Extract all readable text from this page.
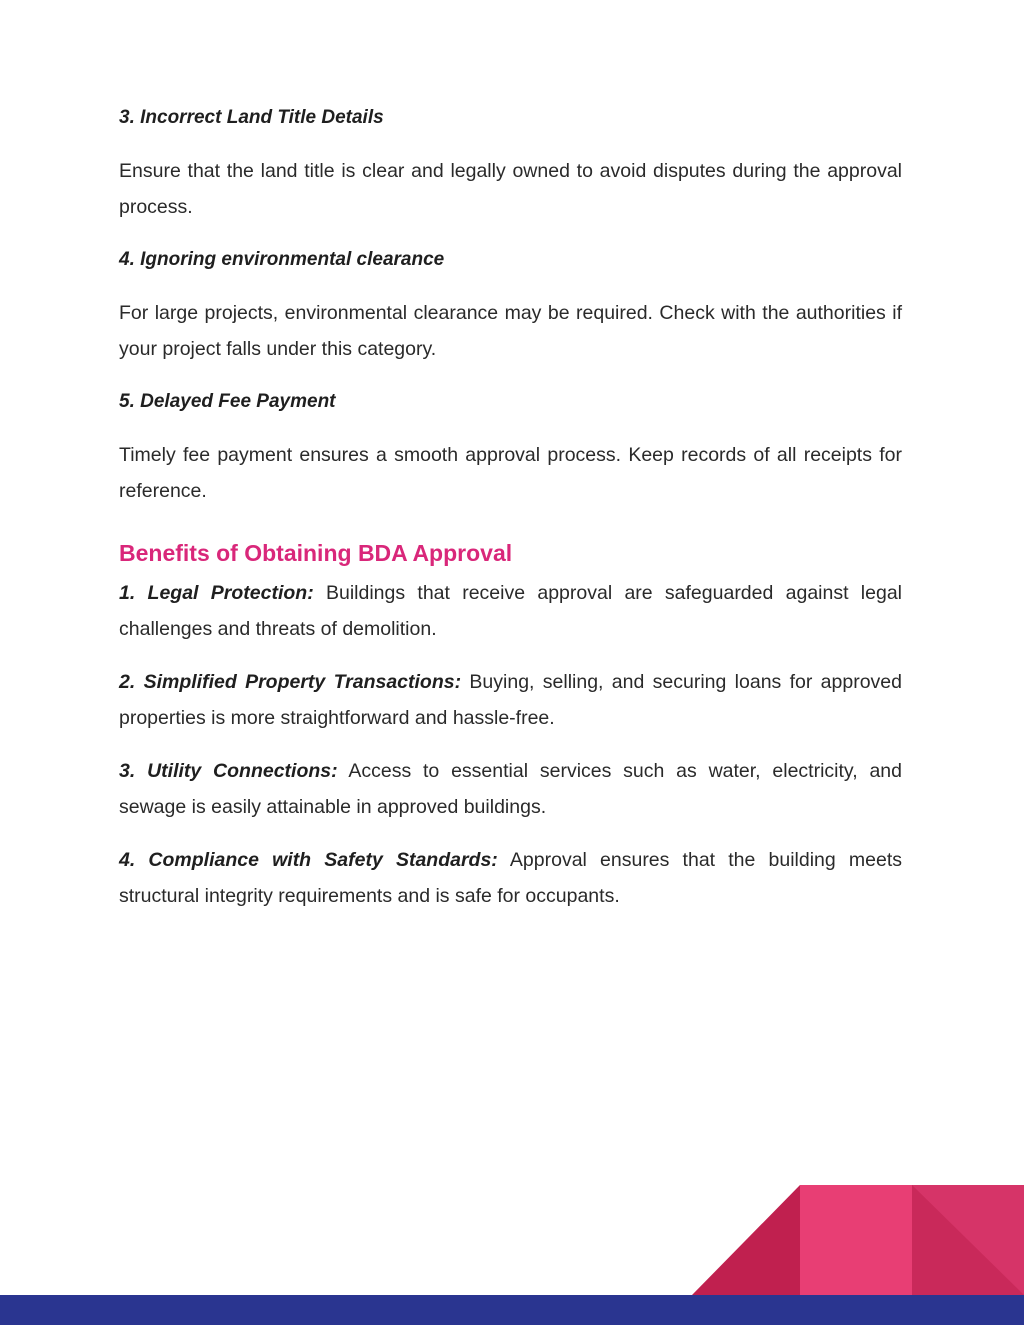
3. Incorrect Land Title Details
Ensure that the land title is clear and legally owned to avoid disputes during the approval process.
4. Ignoring environmental clearance
For large projects, environmental clearance may be required. Check with the authorities if your project falls under this category.
5. Delayed Fee Payment
Timely fee payment ensures a smooth approval process. Keep records of all receipts for reference.
Benefits of Obtaining BDA Approval
1. Legal Protection: Buildings that receive approval are safeguarded against legal challenges and threats of demolition.
2. Simplified Property Transactions: Buying, selling, and securing loans for approved properties is more straightforward and hassle-free.
3. Utility Connections: Access to essential services such as water, electricity, and sewage is easily attainable in approved buildings.
4. Compliance with Safety Standards: Approval ensures that the building meets structural integrity requirements and is safe for occupants.
